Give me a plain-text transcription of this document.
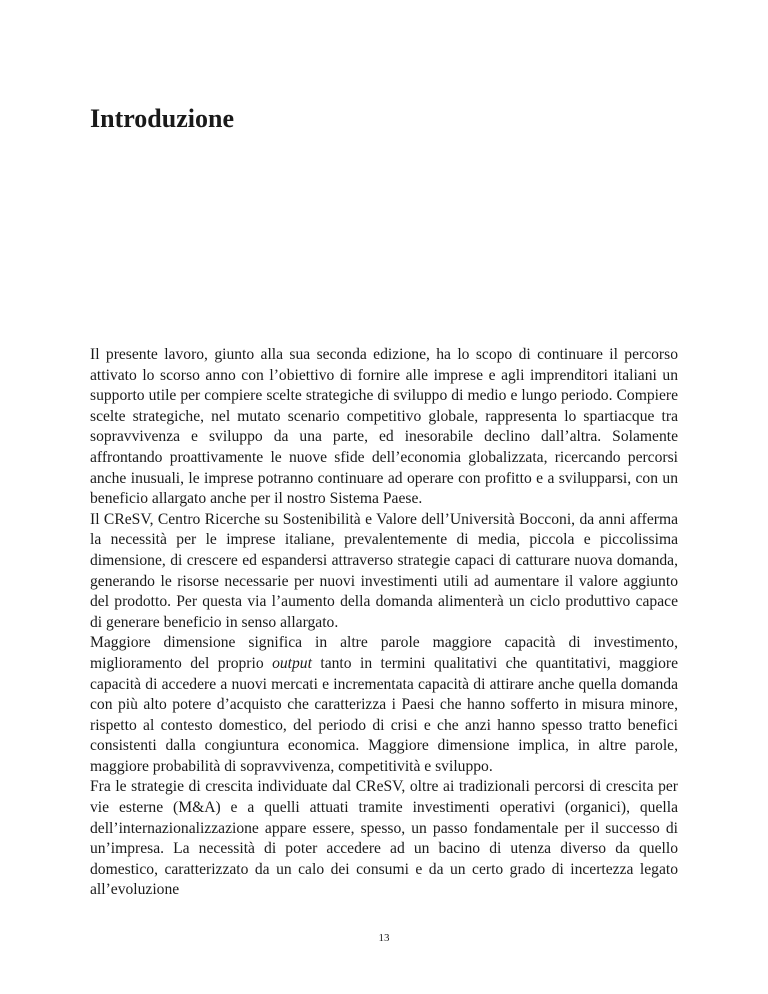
Introduzione

Il presente lavoro, giunto alla sua seconda edizione, ha lo scopo di continuare il percorso attivato lo scorso anno con l’obiettivo di fornire alle imprese e agli imprenditori italiani un supporto utile per compiere scelte strategiche di sviluppo di medio e lungo periodo. Compiere scelte strategiche, nel mutato scenario competitivo globale, rappresenta lo spartiacque tra sopravvivenza e sviluppo da una parte, ed inesorabile declino dall’altra. Solamente affrontando proattivamente le nuove sfide dell’economia globalizzata, ricercando percorsi anche inusuali, le imprese potranno continuare ad operare con profitto e a svilupparsi, con un beneficio allargato anche per il nostro Sistema Paese.

Il CReSV, Centro Ricerche su Sostenibilità e Valore dell’Università Bocconi, da anni afferma la necessità per le imprese italiane, prevalentemente di media, piccola e piccolissima dimensione, di crescere ed espandersi attraverso strategie capaci di catturare nuova domanda, generando le risorse necessarie per nuovi investimenti utili ad aumentare il valore aggiunto del prodotto. Per questa via l’aumento della domanda alimenterà un ciclo produttivo capace di generare beneficio in senso allargato.

Maggiore dimensione significa in altre parole maggiore capacità di investimento, miglioramento del proprio output tanto in termini qualitativi che quantitativi, maggiore capacità di accedere a nuovi mercati e incrementata capacità di attirare anche quella domanda con più alto potere d’acquisto che caratterizza i Paesi che hanno sofferto in misura minore, rispetto al contesto domestico, del periodo di crisi e che anzi hanno spesso tratto benefici consistenti dalla congiuntura economica. Maggiore dimensione implica, in altre parole, maggiore probabilità di sopravvivenza, competitività e sviluppo.

Fra le strategie di crescita individuate dal CReSV, oltre ai tradizionali percorsi di crescita per vie esterne (M&A) e a quelli attuati tramite investimenti operativi (organici), quella dell’internazionalizzazione appare essere, spesso, un passo fondamentale per il successo di un’impresa. La necessità di poter accedere ad un bacino di utenza diverso da quello domestico, caratterizzato da un calo dei consumi e da un certo grado di incertezza legato all’evoluzione

13
